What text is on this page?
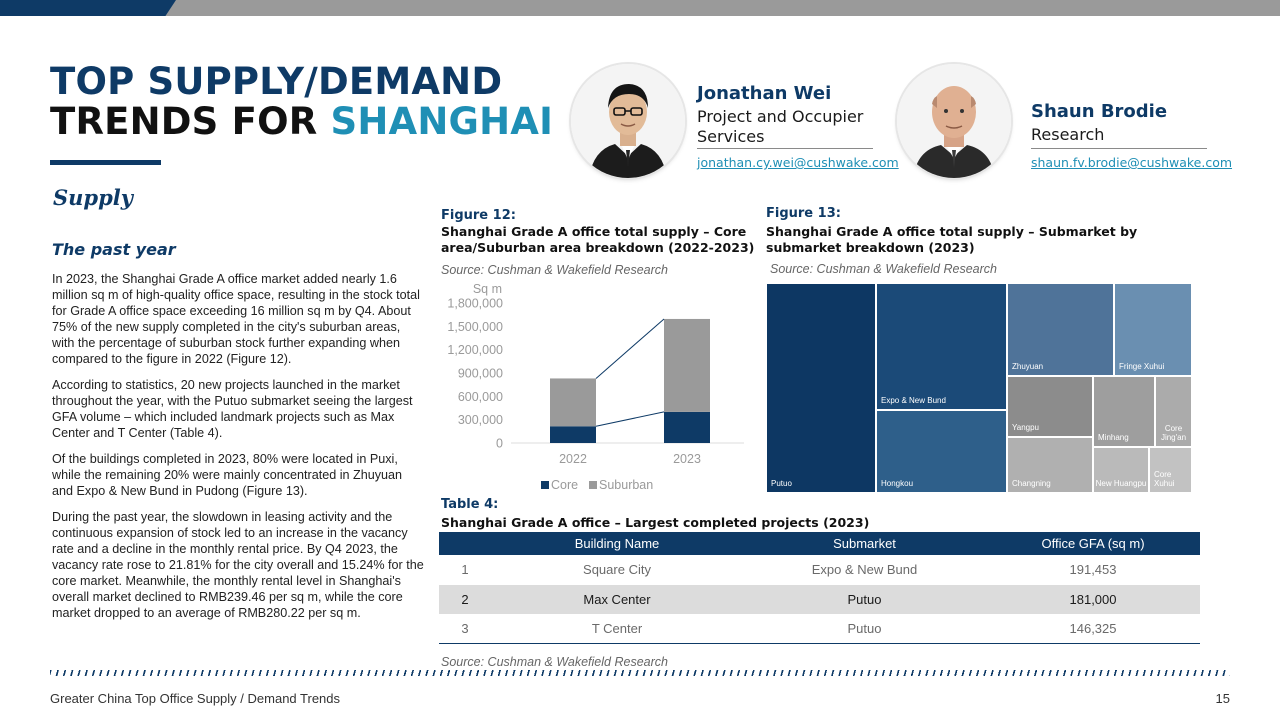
TOP SUPPLY/DEMAND
TRENDS FOR SHANGHAI
Jonathan Wei
Project and Occupier Services
jonathan.cy.wei@cushwake.com
Shaun Brodie
Research
shaun.fv.brodie@cushwake.com
Supply
The past year

In 2023, the Shanghai Grade A office market added nearly 1.6 million sq m of high-quality office space, resulting in the stock total for Grade A office space exceeding 16 million sq m by Q4. About 75% of the new supply completed in the city's suburban areas, with the percentage of suburban stock further expanding when compared to the figure in 2022 (Figure 12).

According to statistics, 20 new projects launched in the market throughout the year, with the Putuo submarket seeing the largest GFA volume – which included landmark projects such as Max Center and T Center (Table 4).

Of the buildings completed in 2023, 80% were located in Puxi, while the remaining 20% were mainly concentrated in Zhuyuan and Expo & New Bund in Pudong (Figure 13).

During the past year, the slowdown in leasing activity and the continuous expansion of stock led to an increase in the vacancy rate and a decline in the monthly rental price. By Q4 2023, the vacancy rate rose to 21.81% for the city overall and 15.24% for the core market. Meanwhile, the monthly rental level in Shanghai's overall market declined to RMB239.46 per sq m, while the core market dropped to an average of RMB280.22 per sq m.

Figure 12:
Shanghai Grade A office total supply – Core area/Suburban area breakdown (2022-2023)
Source: Cushman & Wakefield Research
Sq m
0
300,000
600,000
900,000
1,200,000
1,500,000
1,800,000
2022	2023
Core Suburban
Figure 13:
Shanghai Grade A office total supply – Submarket by submarket breakdown (2023)
Source: Cushman & Wakefield Research
Putuo
Expo & New Bund
Hongkou
Zhuyuan	Fringe Xuhui
Yangpu
Minhang
Core Jing'an
Changning	New Huangpu
Core Xuhui
Table 4:
Shanghai Grade A office – Largest completed projects (2023)
	Building Name	Submarket	Office GFA (sq m)
1	Square City	Expo & New Bund	191,453
2	Max Center	Putuo	181,000
3	T Center	Putuo	146,325
Source: Cushman & Wakefield Research
Greater China Top Office Supply / Demand Trends	15
